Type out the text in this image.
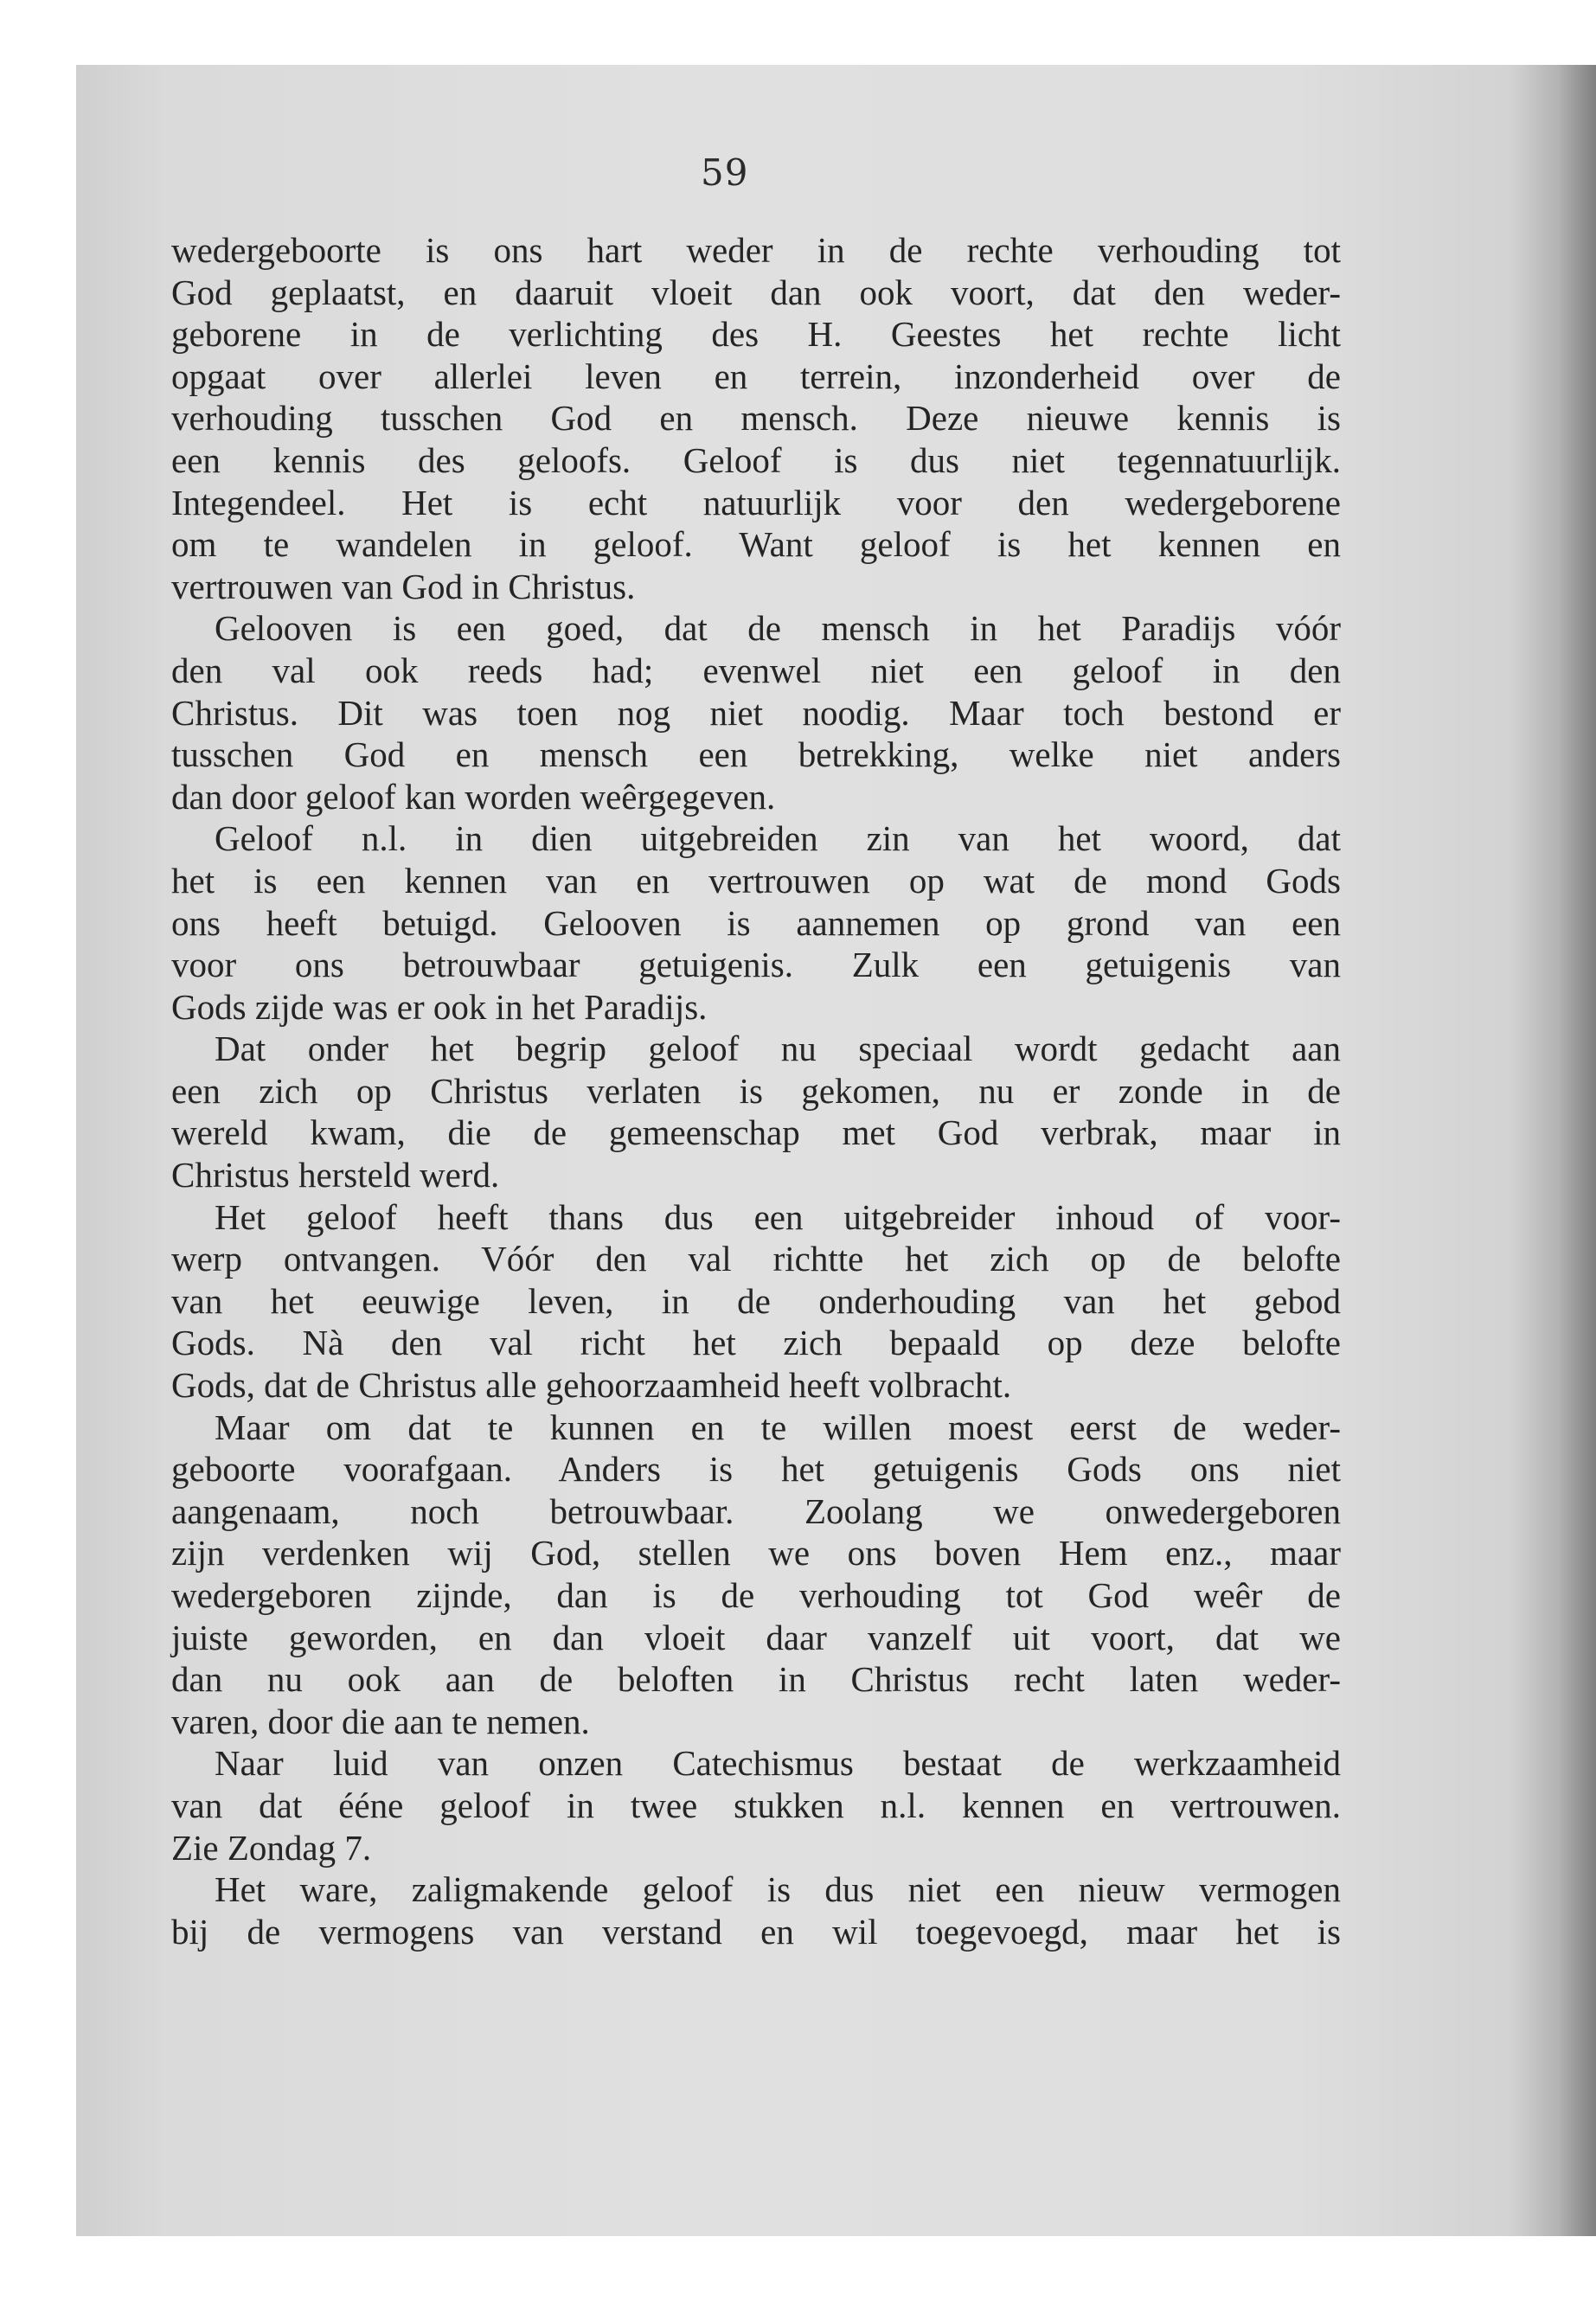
59
wedergeboorte is ons hart weder in de rechte verhouding tot
God geplaatst, en daaruit vloeit dan ook voort, dat den weder-
geborene in de verlichting des H. Geestes het rechte licht
opgaat over allerlei leven en terrein, inzonderheid over de
verhouding tusschen God en mensch. Deze nieuwe kennis is
een kennis des geloofs. Geloof is dus niet tegennatuurlijk.
Integendeel. Het is echt natuurlijk voor den wedergeborene
om te wandelen in geloof. Want geloof is het kennen en
vertrouwen van God in Christus.
Gelooven is een goed, dat de mensch in het Paradijs vóór
den val ook reeds had; evenwel niet een geloof in den
Christus. Dit was toen nog niet noodig. Maar toch bestond er
tusschen God en mensch een betrekking, welke niet anders
dan door geloof kan worden weêrgegeven.
Geloof n.l. in dien uitgebreiden zin van het woord, dat
het is een kennen van en vertrouwen op wat de mond Gods
ons heeft betuigd. Gelooven is aannemen op grond van een
voor ons betrouwbaar getuigenis. Zulk een getuigenis van
Gods zijde was er ook in het Paradijs.
Dat onder het begrip geloof nu speciaal wordt gedacht aan
een zich op Christus verlaten is gekomen, nu er zonde in de
wereld kwam, die de gemeenschap met God verbrak, maar in
Christus hersteld werd.
Het geloof heeft thans dus een uitgebreider inhoud of voor-
werp ontvangen. Vóór den val richtte het zich op de belofte
van het eeuwige leven, in de onderhouding van het gebod
Gods. Nà den val richt het zich bepaald op deze belofte
Gods, dat de Christus alle gehoorzaamheid heeft volbracht.
Maar om dat te kunnen en te willen moest eerst de weder-
geboorte voorafgaan. Anders is het getuigenis Gods ons niet
aangenaam, noch betrouwbaar. Zoolang we onwedergeboren
zijn verdenken wij God, stellen we ons boven Hem enz., maar
wedergeboren zijnde, dan is de verhouding tot God weêr de
juiste geworden, en dan vloeit daar vanzelf uit voort, dat we
dan nu ook aan de beloften in Christus recht laten weder-
varen, door die aan te nemen.
Naar luid van onzen Catechismus bestaat de werkzaamheid
van dat ééne geloof in twee stukken n.l. kennen en vertrouwen.
Zie Zondag 7.
Het ware, zaligmakende geloof is dus niet een nieuw vermogen
bij de vermogens van verstand en wil toegevoegd, maar het is
